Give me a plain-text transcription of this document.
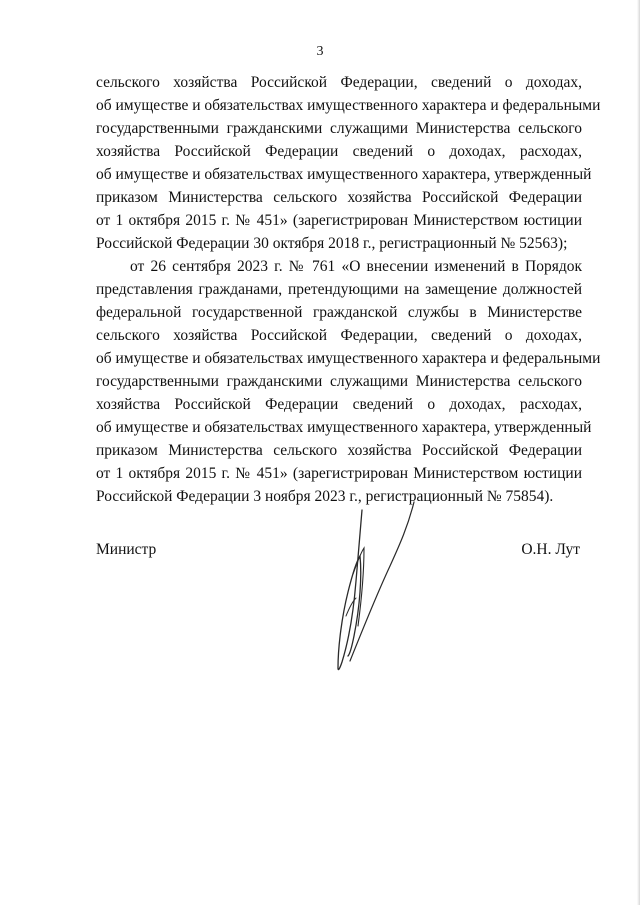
3
сельского хозяйства Российской Федерации, сведений о доходах,
об имуществе и обязательствах имущественного характера и федеральными
государственными гражданскими служащими Министерства сельского
хозяйства Российской Федерации сведений о доходах, расходах,
об имуществе и обязательствах имущественного характера, утвержденный
приказом Министерства сельского хозяйства Российской Федерации
от 1 октября 2015 г. № 451» (зарегистрирован Министерством юстиции
Российской Федерации 30 октября 2018 г., регистрационный № 52563);
от 26 сентября 2023 г. № 761 «О внесении изменений в Порядок
представления гражданами, претендующими на замещение должностей
федеральной государственной гражданской службы в Министерстве
сельского хозяйства Российской Федерации, сведений о доходах,
об имуществе и обязательствах имущественного характера и федеральными
государственными гражданскими служащими Министерства сельского
хозяйства Российской Федерации сведений о доходах, расходах,
об имуществе и обязательствах имущественного характера, утвержденный
приказом Министерства сельского хозяйства Российской Федерации
от 1 октября 2015 г. № 451» (зарегистрирован Министерством юстиции
Российской Федерации 3 ноября 2023 г., регистрационный № 75854).
Министр	О.Н. Лут
